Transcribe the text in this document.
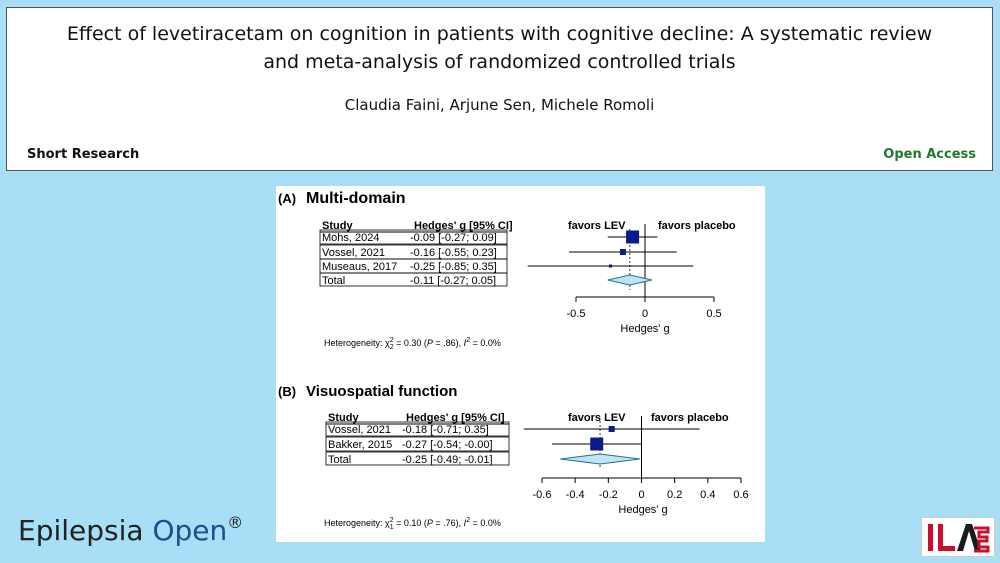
Effect of levetiracetam on cognition in patients with cognitive decline: A systematic review
and meta-analysis of randomized controlled trials
Claudia Faini, Arjune Sen, Michele Romoli
Short Research	Open Access
(A) Multi-domain
Study	Hedges' g [95% CI]	favors LEV	favors placebo
Mohs, 2024	-0.09 [-0.27; 0.09]
Vossel, 2021 -0.16 [-0.55; 0.23]
Museaus, 2017 -0.25 [-0.85; 0.35]
Total	-0.11 [-0.27; 0.05]
-0.5	0	0.5
Hedges' g
Heterogeneity: $\chi^2$ 2 = 0.30 (P = .86), $I^2 = 0.0\%$
(B) Visuospatial function
Study	Hedges' g [95% CI]	favors LEV favors placebo
Vossel, 2021 -0.18 [-0.71; 0.35]
Bakker, 2015 -0.27 [-0.54; -0.00]
Total	-0.25 [-0.49; -0.01]
-0.6 -0.4 -0.2 0 0.2 0.4 0.6
Hedges' g
Heterogeneity: $\chi^2$ 1 = 0.10 (P = .76), $I^2 = 0.0\%$
Epilepsia Open®
